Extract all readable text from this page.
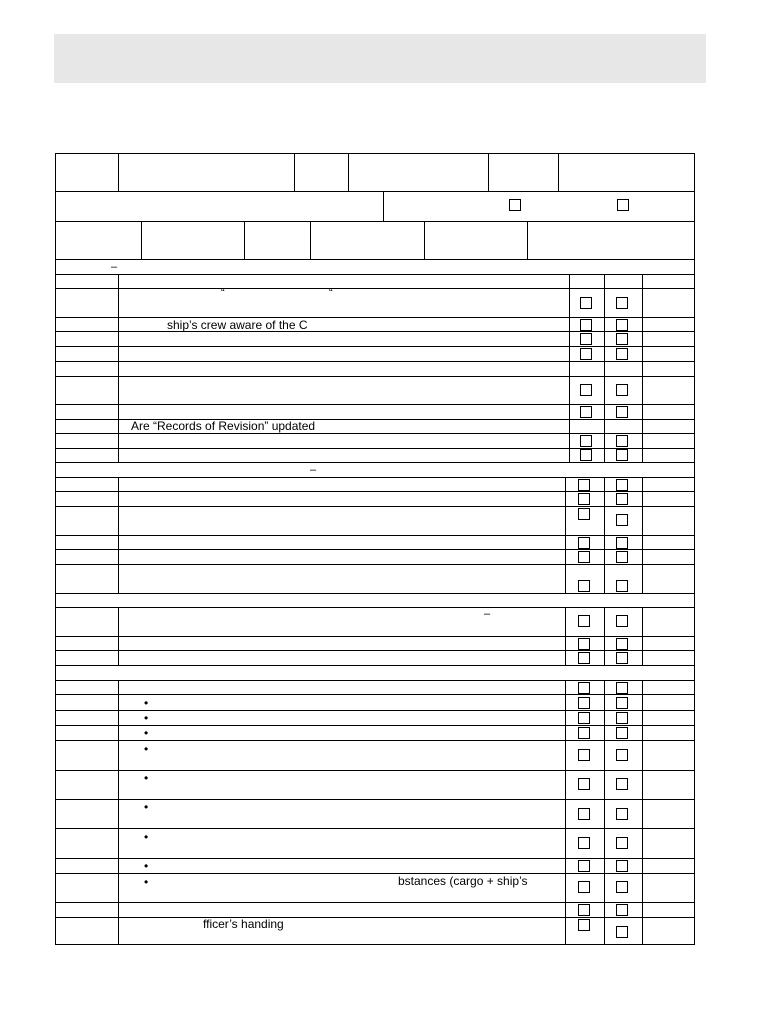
–
“	“
ship’s crew aware of the C
Are “Records of Revision” updated
–
–
•
•
•
•
•
•
•
•
•	bstances (cargo + ship’s
fficer’s handing
